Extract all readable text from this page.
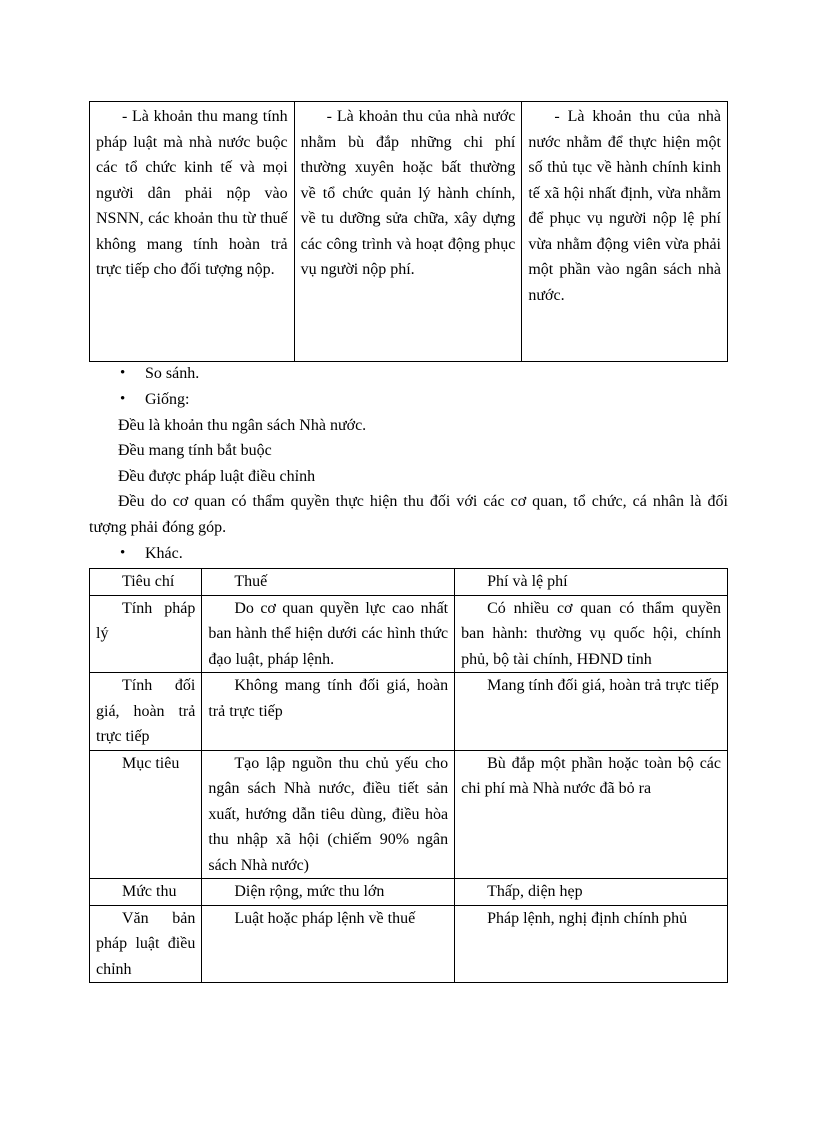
- Là khoản thu mang tính pháp luật mà nhà nước buộc các tổ chức kinh tế và mọi người dân phải nộp vào NSNN, các khoản thu từ thuế không mang tính hoàn trả trực tiếp cho đối tượng nộp.	- Là khoản thu của nhà nước nhằm bù đắp những chi phí thường xuyên hoặc bất thường về tổ chức quản lý hành chính, về tu dưỡng sửa chữa, xây dựng các công trình và hoạt động phục vụ người nộp phí.	- Là khoản thu của nhà nước nhằm để thực hiện một số thủ tục về hành chính kinh tế xã hội nhất định, vừa nhằm để phục vụ người nộp lệ phí vừa nhằm động viên vừa phải một phần vào ngân sách nhà nước.
• So sánh.
• Giống:
Đều là khoản thu ngân sách Nhà nước.
Đều mang tính bắt buộc
Đều được pháp luật điều chỉnh
Đều do cơ quan có thẩm quyền thực hiện thu đối với các cơ quan, tổ chức, cá nhân là đối tượng phải đóng góp.
• Khác.
Tiêu chí	Thuế	Phí và lệ phí
Tính pháp lý	Do cơ quan quyền lực cao nhất ban hành thể hiện dưới các hình thức đạo luật, pháp lệnh.	Có nhiều cơ quan có thẩm quyền ban hành: thường vụ quốc hội, chính phủ, bộ tài chính, HĐND tỉnh
Tính đối giá, hoàn trả trực tiếp	Không mang tính đối giá, hoàn trả trực tiếp	Mang tính đối giá, hoàn trả trực tiếp
Mục tiêu	Tạo lập nguồn thu chủ yếu cho ngân sách Nhà nước, điều tiết sản xuất, hướng dẫn tiêu dùng, điều hòa thu nhập xã hội (chiếm 90% ngân sách Nhà nước)	Bù đắp một phần hoặc toàn bộ các chi phí mà Nhà nước đã bỏ ra
Mức thu	Diện rộng, mức thu lớn	Thấp, diện hẹp
Văn bản pháp luật điều chỉnh	Luật hoặc pháp lệnh về thuế	Pháp lệnh, nghị định chính phủ
